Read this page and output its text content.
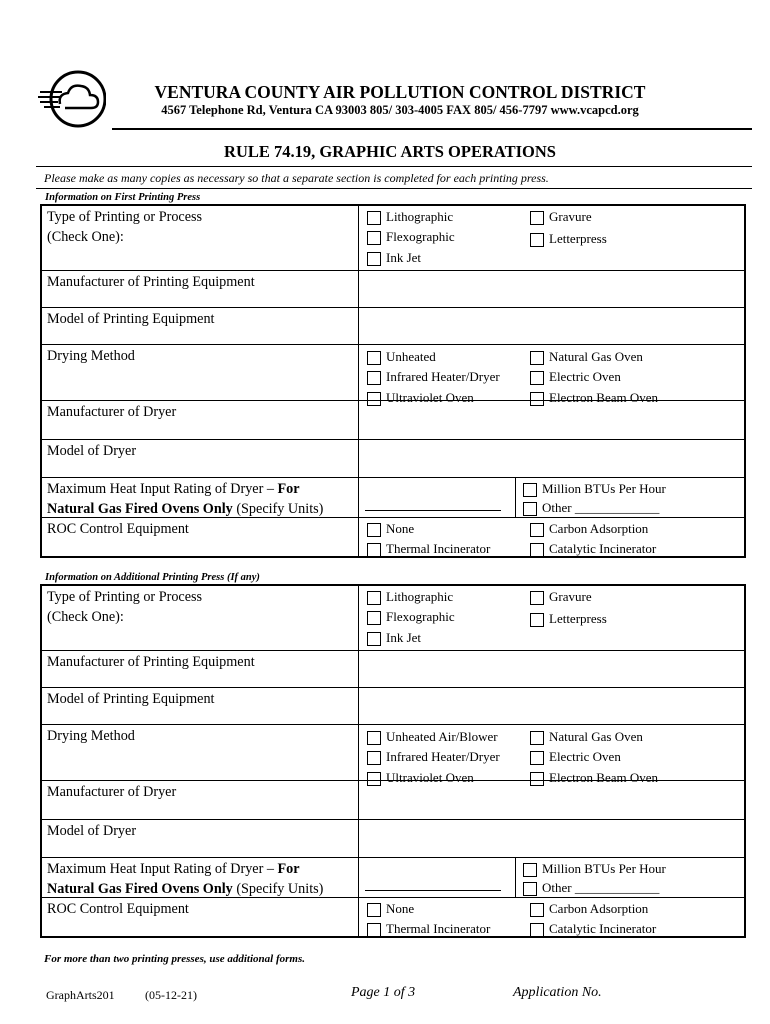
VENTURA COUNTY AIR POLLUTION CONTROL DISTRICT
4567 Telephone Rd, Ventura CA 93003 805/ 303-4005 FAX 805/ 456-7797 www.vcapcd.org
RULE 74.19, GRAPHIC ARTS OPERATIONS
Please make as many copies as necessary so that a separate section is completed for each printing press.
Information on First Printing Press
Information on Additional Printing Press (If any)
Type of Printing or Process
(Check One):
Lithographic	Gravure
Flexographic	Letterpress
Ink Jet
Manufacturer of Printing Equipment
Model of Printing Equipment
Drying Method	Unheated	Natural Gas Oven
Infrared Heater/Dryer	Electric Oven
Ultraviolet Oven	Electron Beam Oven
Manufacturer of Dryer
Model of Dryer
Maximum Heat Input Rating of Dryer – For
Natural Gas Fired Ovens Only (Specify Units)
Million BTUs Per Hour
Other _____________
ROC Control Equipment	None	Carbon Adsorption
Thermal Incinerator	Catalytic Incinerator
Type of Printing or Process
(Check One):
Lithographic	Gravure
Flexographic	Letterpress
Ink Jet
Manufacturer of Printing Equipment
Model of Printing Equipment
Drying Method	Unheated Air/Blower	Natural Gas Oven
Infrared Heater/Dryer	Electric Oven
Ultraviolet Oven	Electron Beam Oven
Manufacturer of Dryer
Model of Dryer
Maximum Heat Input Rating of Dryer – For
Natural Gas Fired Ovens Only (Specify Units)
Million BTUs Per Hour
Other _____________
ROC Control Equipment	None	Carbon Adsorption
Thermal Incinerator	Catalytic Incinerator
For more than two printing presses, use additional forms.
GraphArts201	(05-12-21)	Page 1 of 3	Application No.
